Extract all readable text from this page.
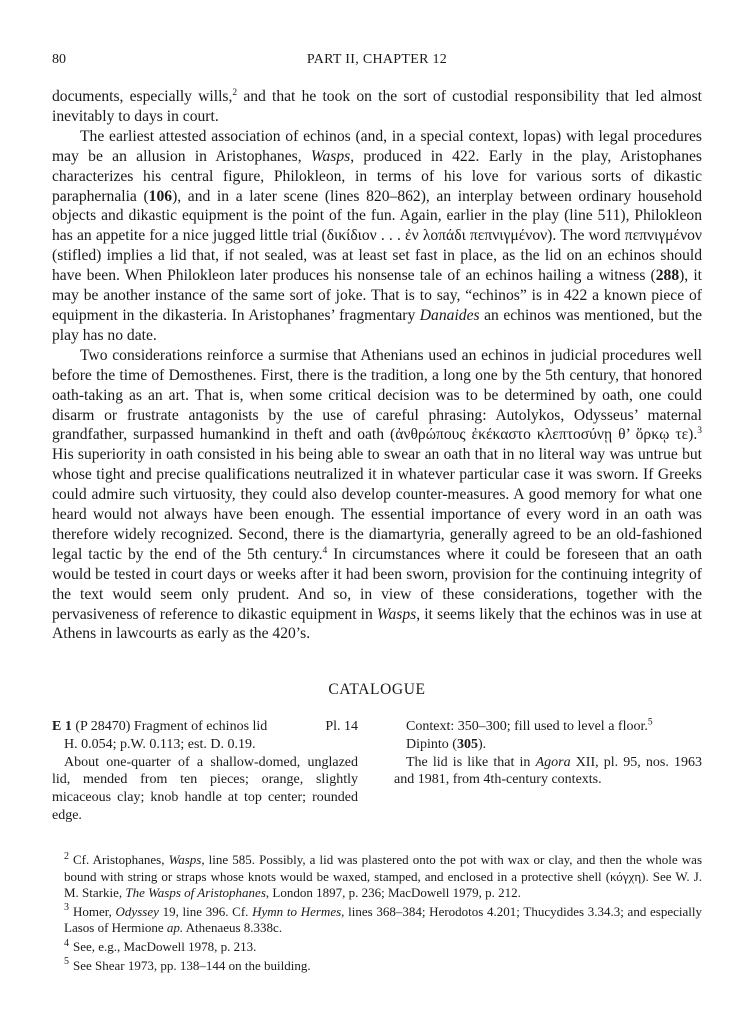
80	PART II, CHAPTER 12

documents, especially wills,$^2$ and that he took on the sort of custodial responsibility that led almost inevitably to days in court.

The earliest attested association of echinos (and, in a special context, lopas) with legal procedures may be an allusion in Aristophanes, Wasps, produced in 422. Early in the play, Aristophanes characterizes his central figure, Philokleon, in terms of his love for various sorts of dikastic paraphernalia (106), and in a later scene (lines 820–862), an interplay between ordinary household objects and dikastic equipment is the point of the fun. Again, earlier in the play (line 511), Philokleon has an appetite for a nice jugged little trial (δικίδιον . . . ἐν λοπάδι πεπνιγμένον). The word πεπνιγμένον (stifled) implies a lid that, if not sealed, was at least set fast in place, as the lid on an echinos should have been. When Philokleon later produces his nonsense tale of an echinos hailing a witness (288), it may be another instance of the same sort of joke. That is to say, “echinos” is in 422 a known piece of equipment in the dikasteria. In Aristophanes’ fragmentary Danaides an echinos was mentioned, but the play has no date.

Two considerations reinforce a surmise that Athenians used an echinos in judicial procedures well before the time of Demosthenes. First, there is the tradition, a long one by the 5th century, that honored oath-taking as an art. That is, when some critical decision was to be determined by oath, one could disarm or frustrate antagonists by the use of careful phrasing: Autolykos, Odysseus’ maternal grandfather, surpassed humankind in theft and oath (ἀνθρώπους ἐκέκαστο κλεπτοσύνῃ θ’ ὅρκῳ τε).$^3$ His superiority in oath consisted in his being able to swear an oath that in no literal way was untrue but whose tight and precise qualifications neutralized it in whatever particular case it was sworn. If Greeks could admire such virtuosity, they could also develop counter-measures. A good memory for what one heard would not always have been enough. The essential importance of every word in an oath was therefore widely recognized. Second, there is the diamartyria, generally agreed to be an old-fashioned legal tactic by the end of the 5th century.$^4$ In circumstances where it could be foreseen that an oath would be tested in court days or weeks after it had been sworn, provision for the continuing integrity of the text would seem only prudent. And so, in view of these considerations, together with the pervasiveness of reference to dikastic equipment in Wasps, it seems likely that the echinos was in use at Athens in lawcourts as early as the 420’s.

CATALOGUE
E 1 (P 28470) Fragment of echinos lid	Pl. 14
H. 0.054; p.W. 0.113; est. D. 0.19.
About one-quarter of a shallow-domed, unglazed lid, mended from ten pieces; orange, slightly micaceous clay; knob handle at top center; rounded edge.
Context: 350–300; fill used to level a floor.$^5$
Dipinto (305).
The lid is like that in Agora XII, pl. 95, nos. 1963 and 1981, from 4th-century contexts.

$^2$ Cf. Aristophanes, Wasps, line 585. Possibly, a lid was plastered onto the pot with wax or clay, and then the whole was bound with string or straps whose knots would be waxed, stamped, and enclosed in a protective shell (κόγχη). See W. J. M. Starkie, The Wasps of Aristophanes, London 1897, p. 236; MacDowell 1979, p. 212.

$^3$ Homer, Odyssey 19, line 396. Cf. Hymn to Hermes, lines 368–384; Herodotos 4.201; Thucydides 3.34.3; and especially Lasos of Hermione ap. Athenaeus 8.338c.

$^4$ See, e.g., MacDowell 1978, p. 213.

$^5$ See Shear 1973, pp. 138–144 on the building.
